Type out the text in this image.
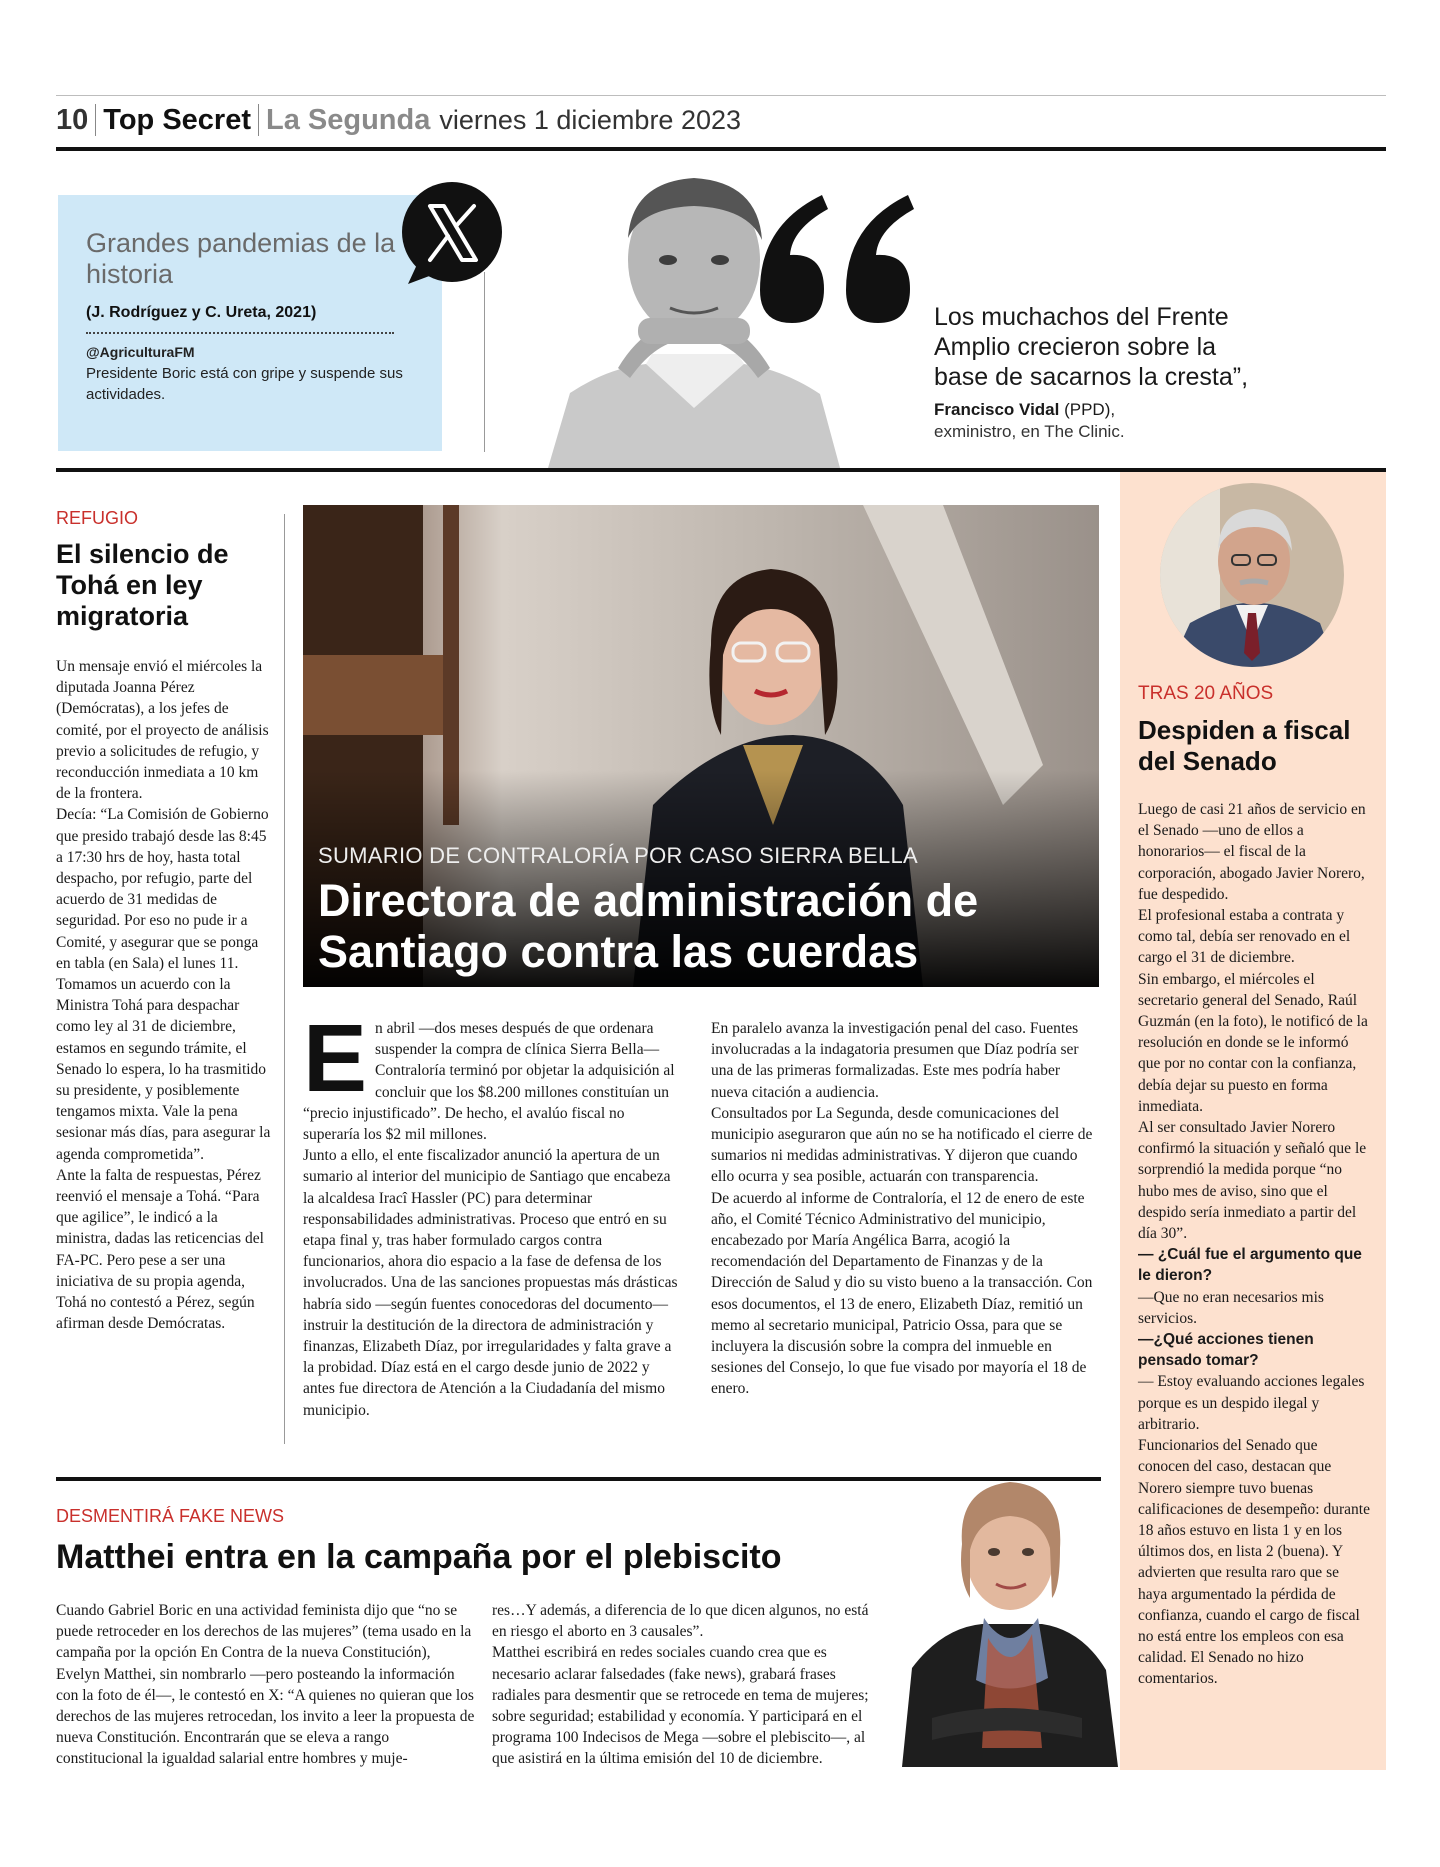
10 Top Secret La Segunda viernes 1 diciembre 2023
Grandes pandemias de la historia
(J. Rodríguez y C. Ureta, 2021)
@AgriculturaFM
Presidente Boric está con gripe y suspende sus actividades.
Los muchachos del Frente Amplio crecieron sobre la base de sacarnos la cresta”, Francisco Vidal (PPD),
exministro, en The Clinic.
REFUGIO
El silencio de Tohá en ley migratoria

Un mensaje envió el miércoles la diputada Joanna Pérez (Demócratas), a los jefes de comité, por el proyecto de análisis previo a solicitudes de refugio, y reconducción inmediata a 10 km de la frontera.

Decía: “La Comisión de Gobierno que presido trabajó desde las 8:45 a 17:30 hrs de hoy, hasta total despacho, por refugio, parte del acuerdo de 31 medidas de seguridad. Por eso no pude ir a Comité, y asegurar que se ponga en tabla (en Sala) el lunes 11. Tomamos un acuerdo con la Ministra Tohá para despachar como ley al 31 de diciembre, estamos en segundo trámite, el Senado lo espera, lo ha trasmitido su presidente, y posiblemente tengamos mixta. Vale la pena sesionar más días, para asegurar la agenda comprometida”.

Ante la falta de respuestas, Pérez reenvió el mensaje a Tohá. “Para que agilice”, le indicó a la ministra, dadas las reticencias del FA-PC. Pero pese a ser una iniciativa de su propia agenda, Tohá no contestó a Pérez, según afirman desde Demócratas.

SUMARIO DE CONTRALORÍA POR CASO SIERRA BELLA
Directora de administración de Santiago contra las cuerdas

En abril —dos meses después de que ordenara suspender la compra de clínica Sierra Bella— Contraloría terminó por objetar la adquisición al concluir que los $8.200 millones constituían un “precio injustificado”. De hecho, el avalúo fiscal no superaría los $2 mil millones.

Junto a ello, el ente fiscalizador anunció la apertura de un sumario al interior del municipio de Santiago que encabeza la alcaldesa Iracî Hassler (PC) para determinar responsabilidades administrativas. Proceso que entró en su etapa final y, tras haber formulado cargos contra funcionarios, ahora dio espacio a la fase de defensa de los involucrados. Una de las sanciones propuestas más drásticas habría sido —según fuentes conocedoras del documento— instruir la destitución de la directora de administración y finanzas, Elizabeth Díaz, por irregularidades y falta grave a la probidad. Díaz está en el cargo desde junio de 2022 y antes fue directora de Atención a la Ciudadanía del mismo municipio.

En paralelo avanza la investigación penal del caso. Fuentes involucradas a la indagatoria presumen que Díaz podría ser una de las primeras formalizadas. Este mes podría haber nueva citación a audiencia.

Consultados por La Segunda, desde comunicaciones del municipio aseguraron que aún no se ha notificado el cierre de sumarios ni medidas administrativas. Y dijeron que cuando ello ocurra y sea posible, actuarán con transparencia.

De acuerdo al informe de Contraloría, el 12 de enero de este año, el Comité Técnico Administrativo del municipio, encabezado por María Angélica Barra, acogió la recomendación del Departamento de Finanzas y de la Dirección de Salud y dio su visto bueno a la transacción. Con esos documentos, el 13 de enero, Elizabeth Díaz, remitió un memo al secretario municipal, Patricio Ossa, para que se incluyera la discusión sobre la compra del inmueble en sesiones del Consejo, lo que fue visado por mayoría el 18 de enero.

TRAS 20 AÑOS
Despiden a fiscal del Senado

Luego de casi 21 años de servicio en el Senado —uno de ellos a honorarios— el fiscal de la corporación, abogado Javier Norero, fue despedido.

El profesional estaba a contrata y como tal, debía ser renovado en el cargo el 31 de diciembre.

Sin embargo, el miércoles el secretario general del Senado, Raúl Guzmán (en la foto), le notificó de la resolución en donde se le informó que por no contar con la confianza, debía dejar su puesto en forma inmediata.

Al ser consultado Javier Norero confirmó la situación y señaló que le sorprendió la medida porque “no hubo mes de aviso, sino que el despido sería inmediato a partir del día 30”.

— ¿Cuál fue el argumento que le dieron?

—Que no eran necesarios mis servicios.

—¿Qué acciones tienen pensado tomar?

— Estoy evaluando acciones legales porque es un despido ilegal y arbitrario.

Funcionarios del Senado que conocen del caso, destacan que Norero siempre tuvo buenas calificaciones de desempeño: durante 18 años estuvo en lista 1 y en los últimos dos, en lista 2 (buena). Y advierten que resulta raro que se haya argumentado la pérdida de confianza, cuando el cargo de fiscal no está entre los empleos con esa calidad. El Senado no hizo comentarios.

DESMENTIRÁ FAKE NEWS
Matthei entra en la campaña por el plebiscito

Cuando Gabriel Boric en una actividad feminista dijo que “no se puede retroceder en los derechos de las mujeres” (tema usado en la campaña por la opción En Contra de la nueva Constitución), Evelyn Matthei, sin nombrarlo —pero posteando la información con la foto de él—, le contestó en X: “A quienes no quieran que los derechos de las mujeres retrocedan, los invito a leer la propuesta de nueva Constitución. Encontrarán que se eleva a rango constitucional la igualdad salarial entre hombres y muje-

res…Y además, a diferencia de lo que dicen algunos, no está en riesgo el aborto en 3 causales”.

Matthei escribirá en redes sociales cuando crea que es necesario aclarar falsedades (fake news), grabará frases radiales para desmentir que se retrocede en tema de mujeres; sobre seguridad; estabilidad y economía. Y participará en el programa 100 Indecisos de Mega —sobre el plebiscito—, al que asistirá en la última emisión del 10 de diciembre.
